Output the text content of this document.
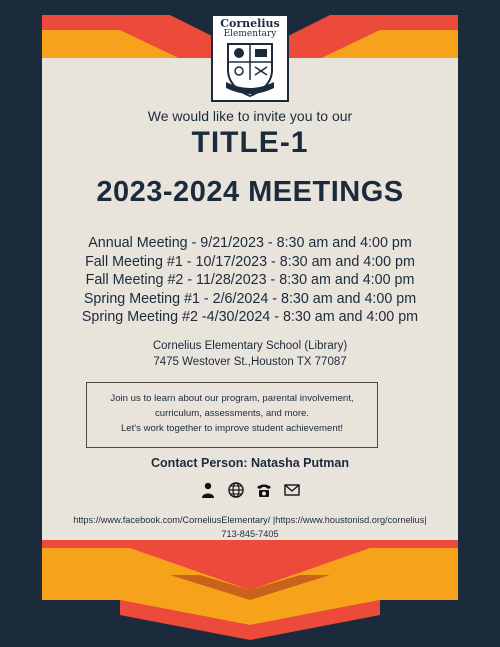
Cornelius
Elementary
We would like to invite you to our
TITLE-1
2023-2024 MEETINGS
Annual Meeting - 9/21/2023 - 8:30 am and 4:00 pm
Fall Meeting #1 - 10/17/2023 - 8:30 am and 4:00 pm
Fall Meeting #2 - 11/28/2023 - 8:30 am and 4:00 pm
Spring Meeting #1 - 2/6/2024 - 8:30 am and 4:00 pm
Spring Meeting #2 -4/30/2024 - 8:30 am and 4:00 pm
Cornelius Elementary School (Library)
7475 Westover St.,Houston TX 77087
Join us to learn about our program, parental involvement,
curriculum, assessments, and more.
Let's work together to improve student achievement!
Contact Person: Natasha Putman
https://www.facebook.com/CorneliusElementary/ |https://www.houstonisd.org/cornelius|
713-845-7405
